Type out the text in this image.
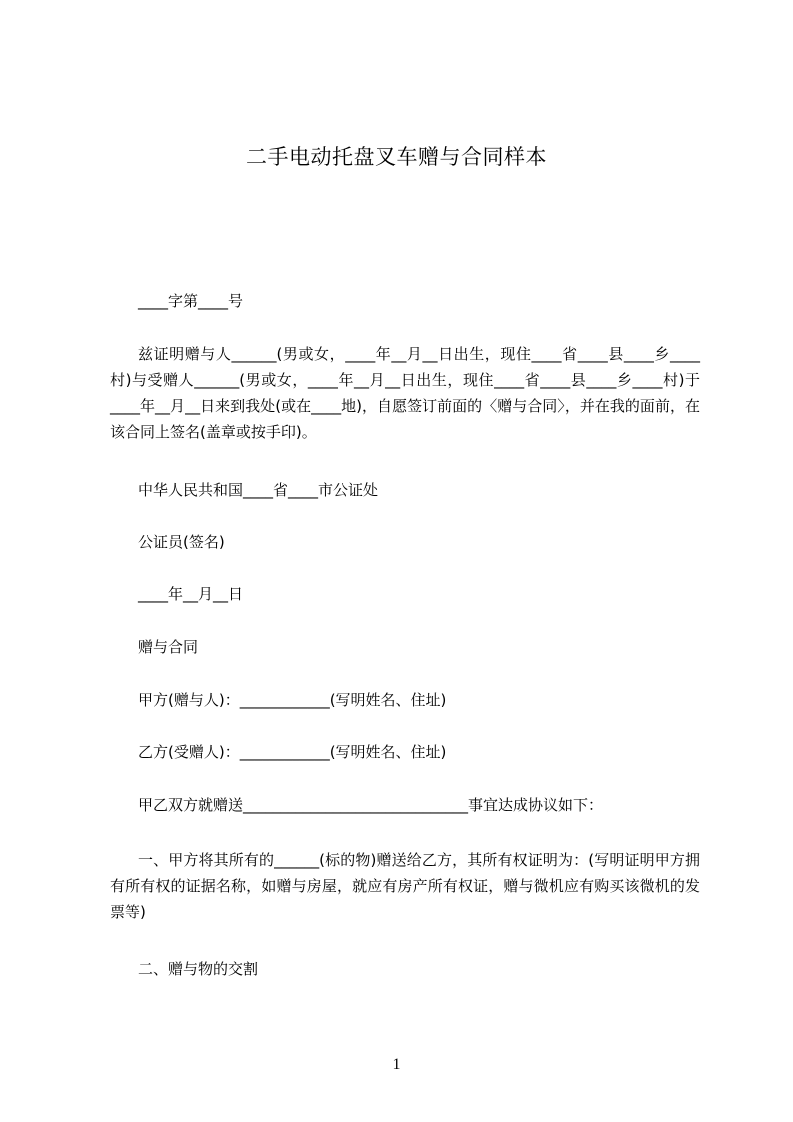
二手电动托盘叉车赠与合同样本
____字第____号
兹证明赠与人______(男或女，____年__月__日出生，现住____省____县____乡____村)与受赠人______(男或女，____年__月__日出生，现住____省____县____乡____村)于____年__月__日来到我处(或在____地)，自愿签订前面的〈赠与合同〉，并在我的面前，在该合同上签名(盖章或按手印)。
中华人民共和国____省____市公证处
公证员(签名)
____年__月__日
赠与合同
甲方(赠与人)：____________(写明姓名、住址)
乙方(受赠人)：____________(写明姓名、住址)
甲乙双方就赠送______________________________事宜达成协议如下：
一、甲方将其所有的______(标的物)赠送给乙方，其所有权证明为：(写明证明甲方拥有所有权的证据名称，如赠与房屋，就应有房产所有权证，赠与微机应有购买该微机的发票等)
二、赠与物的交割
1
